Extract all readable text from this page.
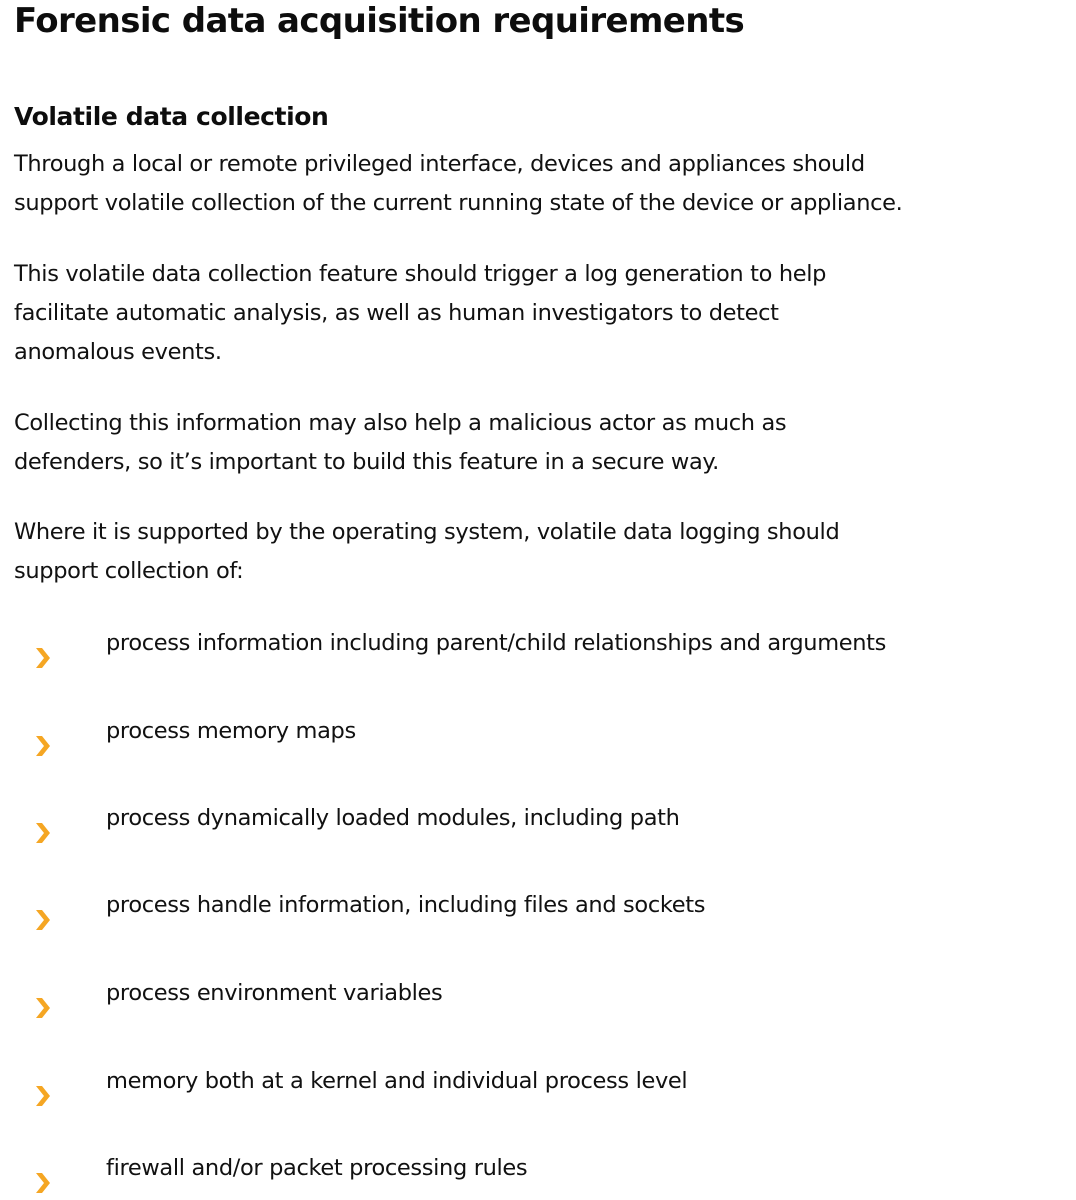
Forensic data acquisition requirements
Volatile data collection

Through a local or remote privileged interface, devices and appliances should
support volatile collection of the current running state of the device or appliance.

This volatile data collection feature should trigger a log generation to help
facilitate automatic analysis, as well as human investigators to detect
anomalous events.

Collecting this information may also help a malicious actor as much as
defenders, so it’s important to build this feature in a secure way.

Where it is supported by the operating system, volatile data logging should
support collection of:

process information including parent/child relationships and arguments
process memory maps
process dynamically loaded modules, including path
process handle information, including files and sockets
process environment variables
memory both at a kernel and individual process level
firewall and/or packet processing rules
